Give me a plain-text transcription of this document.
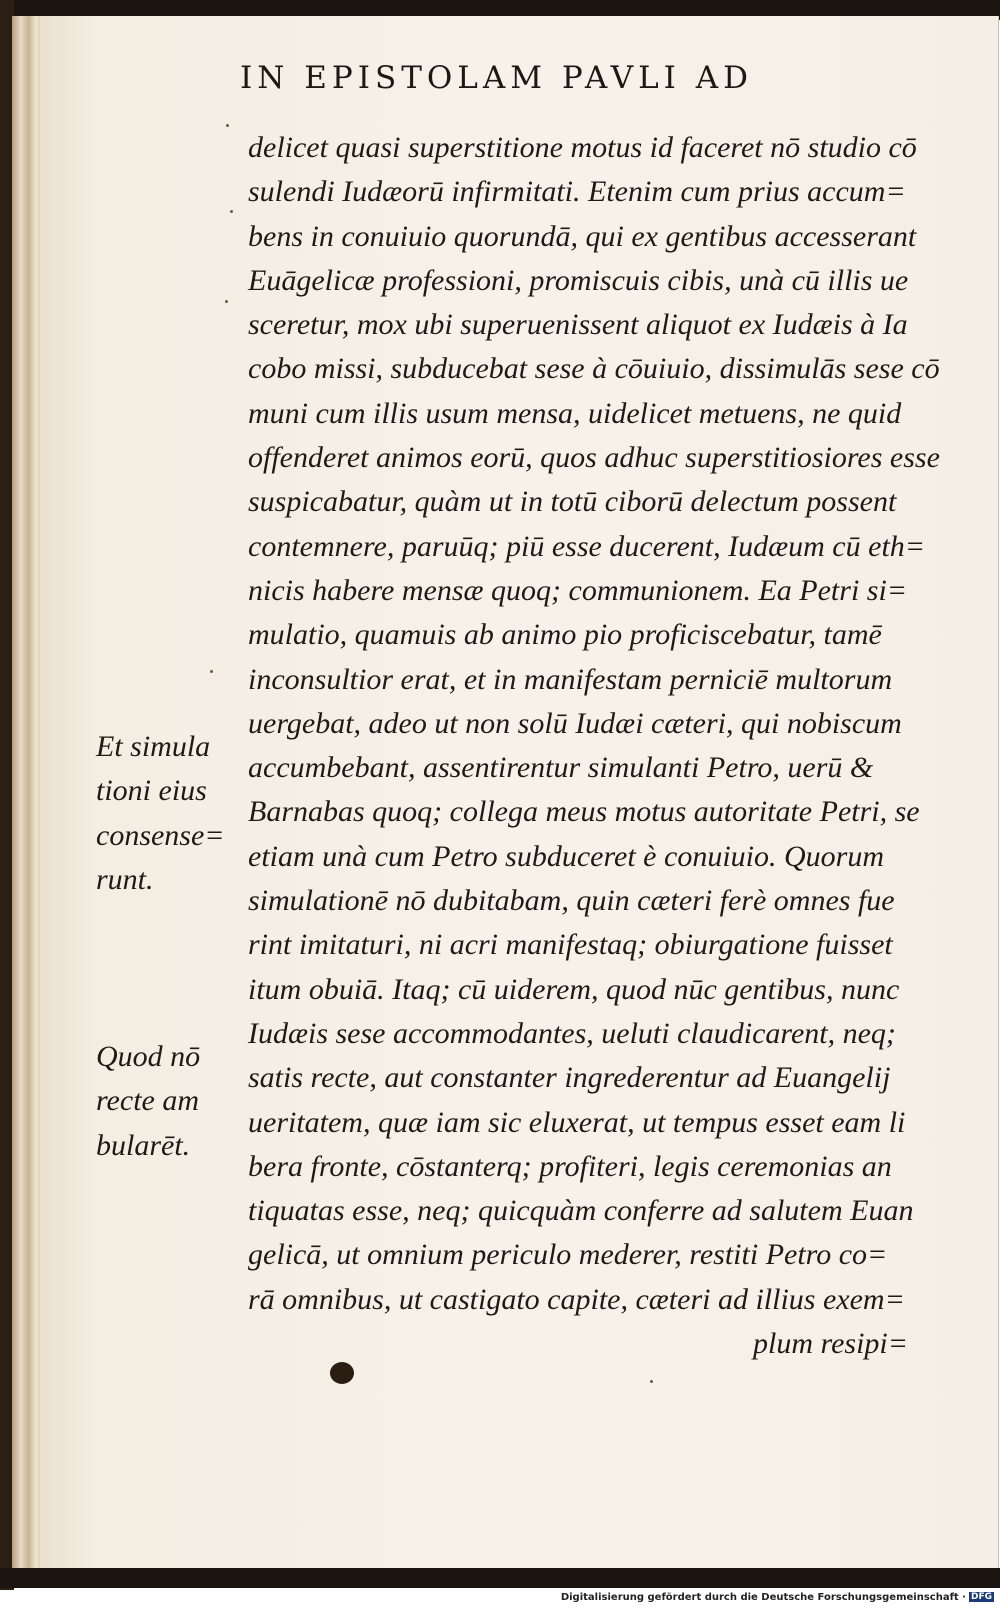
IN EPISTOLAM PAVLI AD
delicet quasi superstitione motus id faceret nō studio cō
sulendi Iudæorū infirmitati. Etenim cum prius accum=
bens in conuiuio quorundā, qui ex gentibus accesserant
Euāgelicæ professioni, promiscuis cibis, unà cū illis ue
sceretur, mox ubi superuenissent aliquot ex Iudæis à Ia
cobo missi, subducebat sese à cōuiuio, dissimulās sese cō
muni cum illis usum mensa, uidelicet metuens, ne quid
offenderet animos eorū, quos adhuc superstitiosiores esse
suspicabatur, quàm ut in totū ciborū delectum possent
contemnere, paruūq; piū esse ducerent, Iudæum cū eth=
nicis habere mensæ quoq; communionem. Ea Petri si=
mulatio, quamuis ab animo pio proficiscebatur, tamē
inconsultior erat, et in manifestam perniciē multorum
uergebat, adeo ut non solū Iudæi cæteri, qui nobiscum
accumbebant, assentirentur simulanti Petro, uerū &
Barnabas quoq; collega meus motus autoritate Petri, se
etiam unà cum Petro subduceret è conuiuio. Quorum
simulationē nō dubitabam, quin cæteri ferè omnes fue
rint imitaturi, ni acri manifestaq; obiurgatione fuisset
itum obuiā. Itaq; cū uiderem, quod nūc gentibus, nunc
Iudæis sese accommodantes, ueluti claudicarent, neq;
satis recte, aut constanter ingrederentur ad Euangelij
ueritatem, quæ iam sic eluxerat, ut tempus esset eam li
bera fronte, cōstanterq; profiteri, legis ceremonias an
tiquatas esse, neq; quicquàm conferre ad salutem Euan
gelicā, ut omnium periculo mederer, restiti Petro co=
rā omnibus, ut castigato capite, cæteri ad illius exem=
plum resipi=
Et simula
tioni eius
consense=
runt.
Quod nō
recte am
bularēt.
Digitalisierung gefördert durch die Deutsche Forschungsgemeinschaft · DFG
